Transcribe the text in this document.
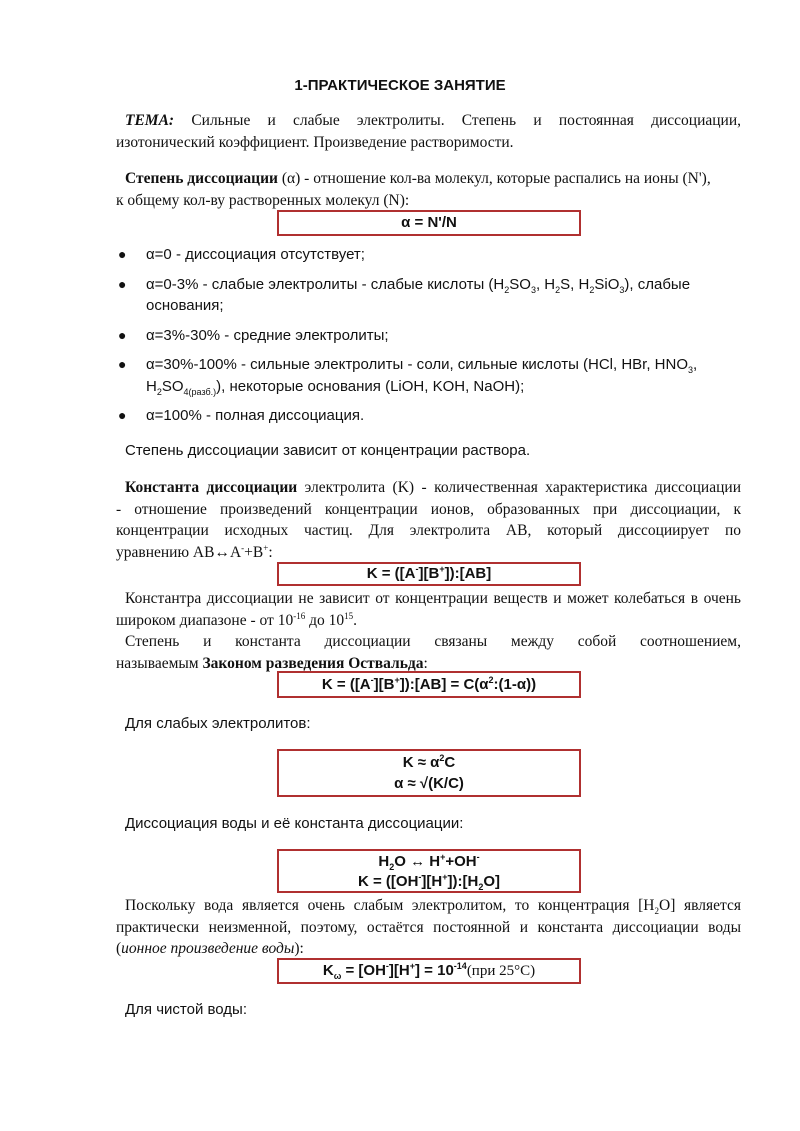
1-ПРАКТИЧЕСКОЕ ЗАНЯТИЕ
ТЕМА: Сильные и слабые электролиты. Степень и постоянная диссоциации,
изотонический коэффициент. Произведение растворимости.
Степень диссоциации (α) - отношение кол-ва молекул, которые распались на ионы (N'),
к общему кол-ву растворенных молекул (N):
α = N'/N
● α=0 - диссоциация отсутствует;
● α=0-3% - слабые электролиты - слабые кислоты ($H_2SO_3$, $H_2S$, $H_2SiO_3$), слабые
основания;
● α=3%-30% - средние электролиты;
● α=30%-100% - сильные электролиты - соли, сильные кислоты (HCl, HBr, $HNO_3$,
$H_2SO_{4(разб.)}$), некоторые основания (LiOH, KOH, NaOH);
● α=100% - полная диссоциация.
Степень диссоциации зависит от концентрации раствора.
Константа диссоциации электролита (K) - количественная характеристика диссоциации
- отношение произведений концентрации ионов, образованных при диссоциации, к
концентрации исходных частиц. Для электролита АВ, который диссоциирует по
уравнению АВ↔А-+В+:
K = ([A-][B+]):[AB]
Константра диссоциации не зависит от концентрации веществ и может колебаться в очень
широком диапазоне - от $10^{-16}$ до $10^{15}$.
Степень и константа диссоциации связаны между собой соотношением,
называемым Законом разведения Оствальда:
K = ([A-][B+]):[AB] = $C(\alpha^2:(1-\alpha))$
Для слабых электролитов:
$K \approx \alpha^2C$
α ≈ √(K/C)
Диссоциация воды и её константа диссоциации:
$H_2O$ ↔ H++OH-
$K = ([OH^-][H^+]):[H_2O]$
Поскольку вода является очень слабым электролитом, то концентрация $[H_2O]$ является
практически неизменной, поэтому, остаётся постоянной и константа диссоциации воды
(ионное произведение воды):
$K_\omega = [OH^-][H^+] = 10^{-14}(при$ 25°C)
Для чистой воды:
